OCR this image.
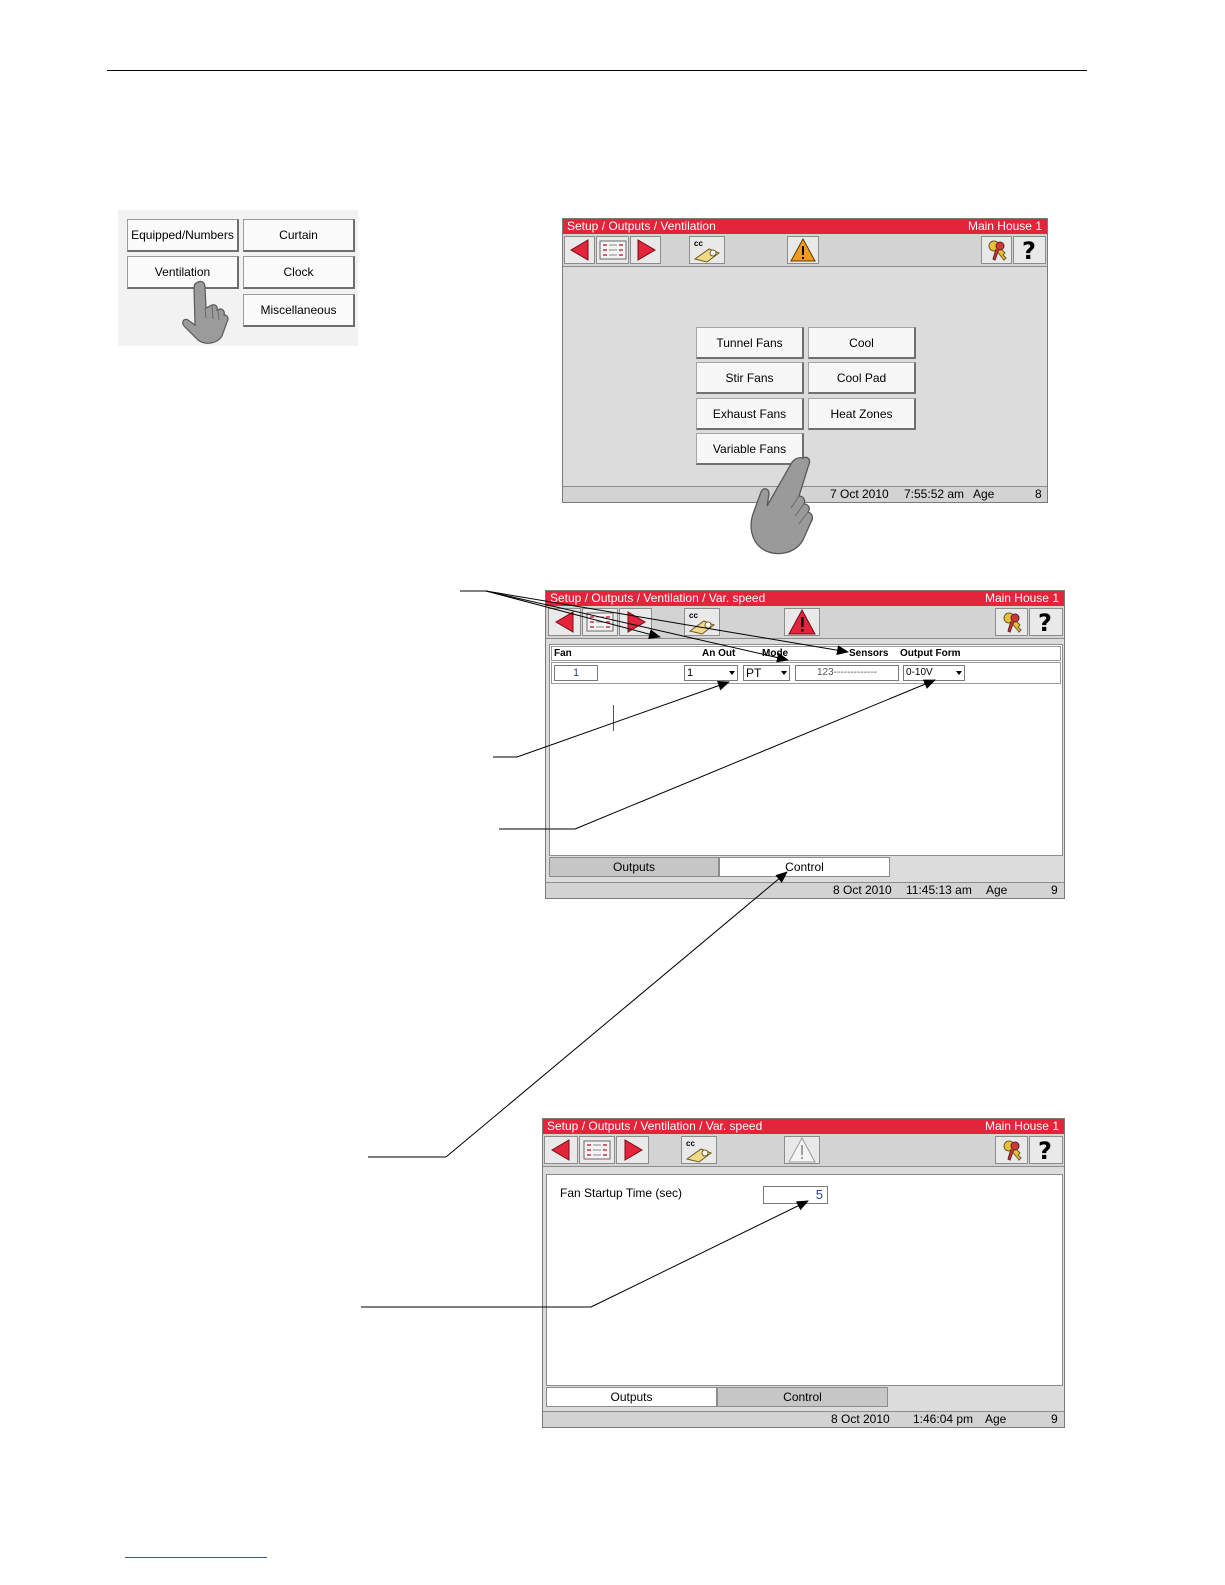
Equipped/Numbers	Curtain
Ventilation	Clock
Miscellaneous
Setup / Outputs / Ventilation	Main House 1
cc	?
Tunnel Fans	Cool
Stir Fans	Cool Pad
Exhaust Fans	Heat Zones
Variable Fans
7 Oct 2010 7:55:52 am Age	8
Setup / Outputs / Ventilation / Var. speed	Main House 1
cc	?
Fan	An Out	Mode	Sensors Output Form
1	1	PT	123-------------	0-10V
Outputs	Control
8 Oct 2010 11:45:13 am Age	9
Setup / Outputs / Ventilation / Var. speed	Main House 1
cc	?
Fan Startup Time (sec)	5
Outputs	Control
8 Oct 2010 1:46:04 pm Age	9
